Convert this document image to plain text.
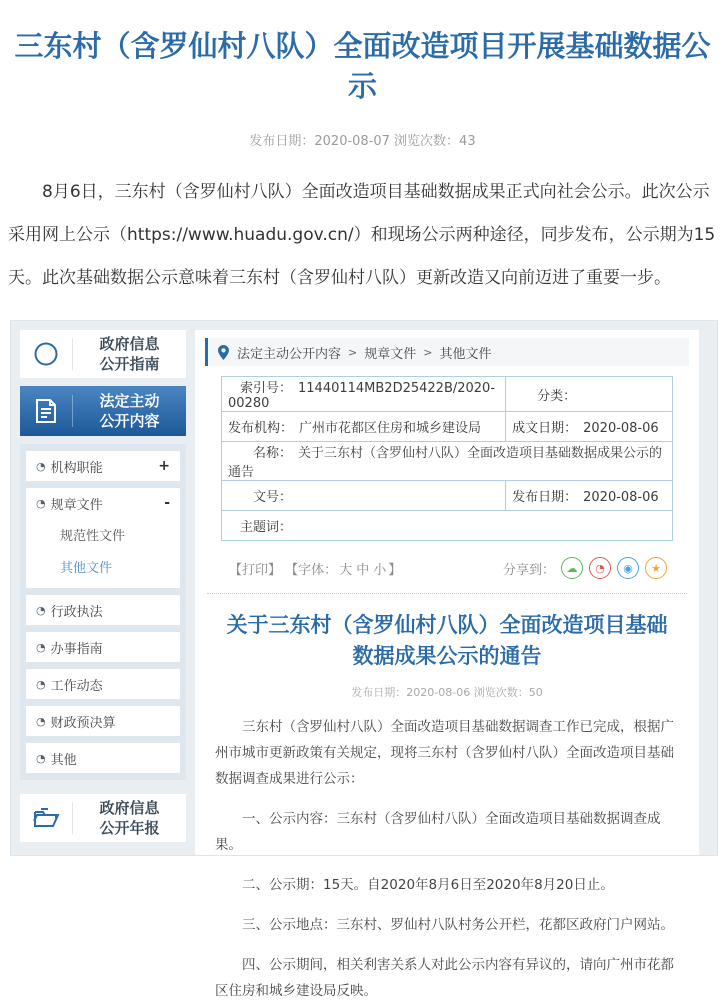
三东村（含罗仙村八队）全面改造项目开展基础数据公示
发布日期：2020-08-07 浏览次数：43

8月6日，三东村（含罗仙村八队）全面改造项目基础数据成果正式向社会公示。此次公示采用网上公示（https://www.huadu.gov.cn/）和现场公示两种途径，同步发布，公示期为15天。此次基础数据公示意味着三东村（含罗仙村八队）更新改造又向前迈进了重要一步。

政府信息
公开指南
法定主动
公开内容
◔ 机构职能	+
◔ 规章文件	-
规范性文件
其他文件
◔ 行政执法
◔ 办事指南
◔ 工作动态
◔ 财政预决算
◔ 其他
政府信息
公开年报
法定主动公开内容 > 规章文件 > 其他文件
索引号： 11440114MB2D25422B/2020-00280	分类：
发布机构： 广州市花都区住房和城乡建设局	成文日期： 2020-08-06
名称： 关于三东村（含罗仙村八队）全面改造项目基础数据成果公示的通告	
文号：	发布日期： 2020-08-06
主题词：	
【打印】 【字体： 大 中 小 】	分享到：	☁	◔	◉	★
关于三东村（含罗仙村八队）全面改造项目基础数据成果公示的通告
发布日期：2020-08-06 浏览次数：50

三东村（含罗仙村八队）全面改造项目基础数据调查工作已完成，根据广州市城市更新政策有关规定，现将三东村（含罗仙村八队）全面改造项目基础数据调查成果进行公示：

一、公示内容：三东村（含罗仙村八队）全面改造项目基础数据调查成果。

二、公示期：15天。自2020年8月6日至2020年8月20日止。

三、公示地点：三东村、罗仙村八队村务公开栏，花都区政府门户网站。

四、公示期间，相关利害关系人对此公示内容有异议的，请向广州市花都区住房和城乡建设局反映。
